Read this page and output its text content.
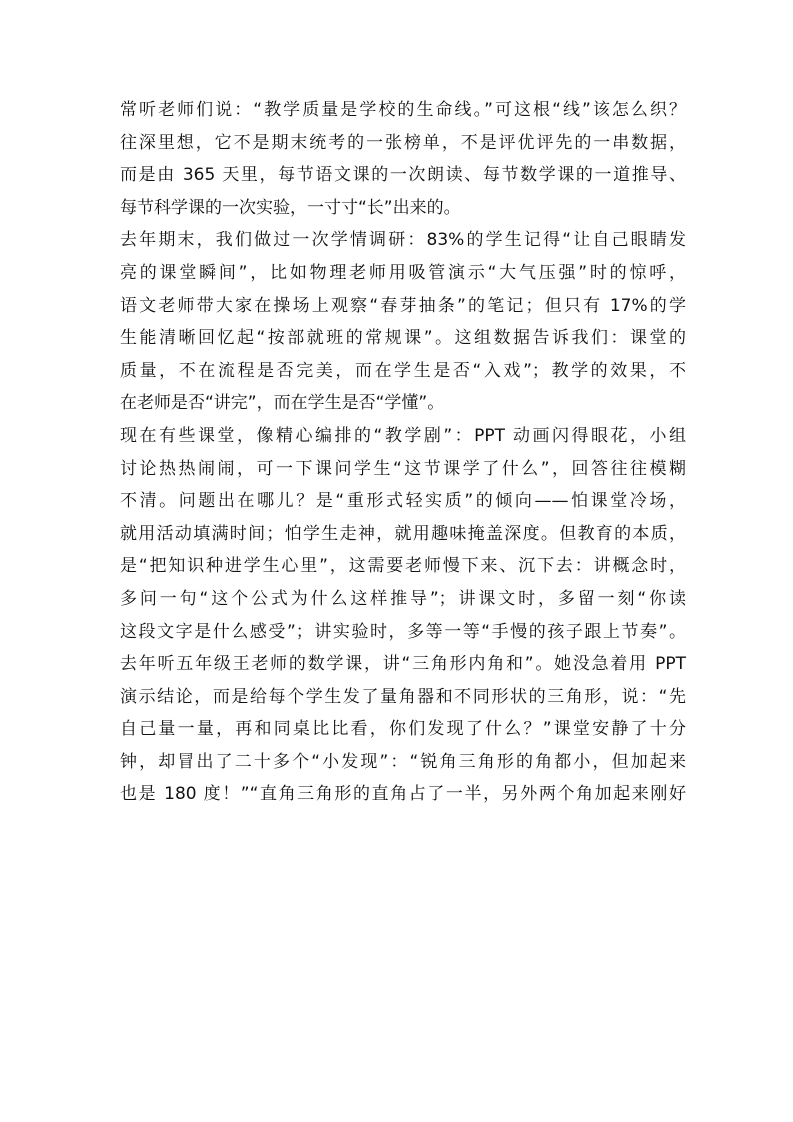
常听老师们说：“教学质量是学校的生命线。”可这根“线”该怎么织？
往深里想，它不是期末统考的一张榜单，不是评优评先的一串数据，
而是由 365 天里，每节语文课的一次朗读、每节数学课的一道推导、
每节科学课的一次实验，一寸寸“长”出来的。
去年期末，我们做过一次学情调研：83%的学生记得“让自己眼睛发
亮的课堂瞬间”，比如物理老师用吸管演示“大气压强”时的惊呼，
语文老师带大家在操场上观察“春芽抽条”的笔记；但只有 17%的学
生能清晰回忆起“按部就班的常规课”。这组数据告诉我们：课堂的
质量，不在流程是否完美，而在学生是否“入戏”；教学的效果，不
在老师是否“讲完”，而在学生是否“学懂”。
现在有些课堂，像精心编排的“教学剧”：PPT 动画闪得眼花，小组
讨论热热闹闹，可一下课问学生“这节课学了什么”，回答往往模糊
不清。问题出在哪儿？是“重形式轻实质”的倾向——怕课堂冷场，
就用活动填满时间；怕学生走神，就用趣味掩盖深度。但教育的本质，
是“把知识种进学生心里”，这需要老师慢下来、沉下去：讲概念时，
多问一句“这个公式为什么这样推导”；讲课文时，多留一刻“你读
这段文字是什么感受”；讲实验时，多等一等“手慢的孩子跟上节奏”。
去年听五年级王老师的数学课，讲“三角形内角和”。她没急着用 PPT
演示结论，而是给每个学生发了量角器和不同形状的三角形，说：“先
自己量一量，再和同桌比比看，你们发现了什么？”课堂安静了十分
钟，却冒出了二十多个“小发现”：“锐角三角形的角都小，但加起来
也是 180 度！”“直角三角形的直角占了一半，另外两个角加起来刚好
